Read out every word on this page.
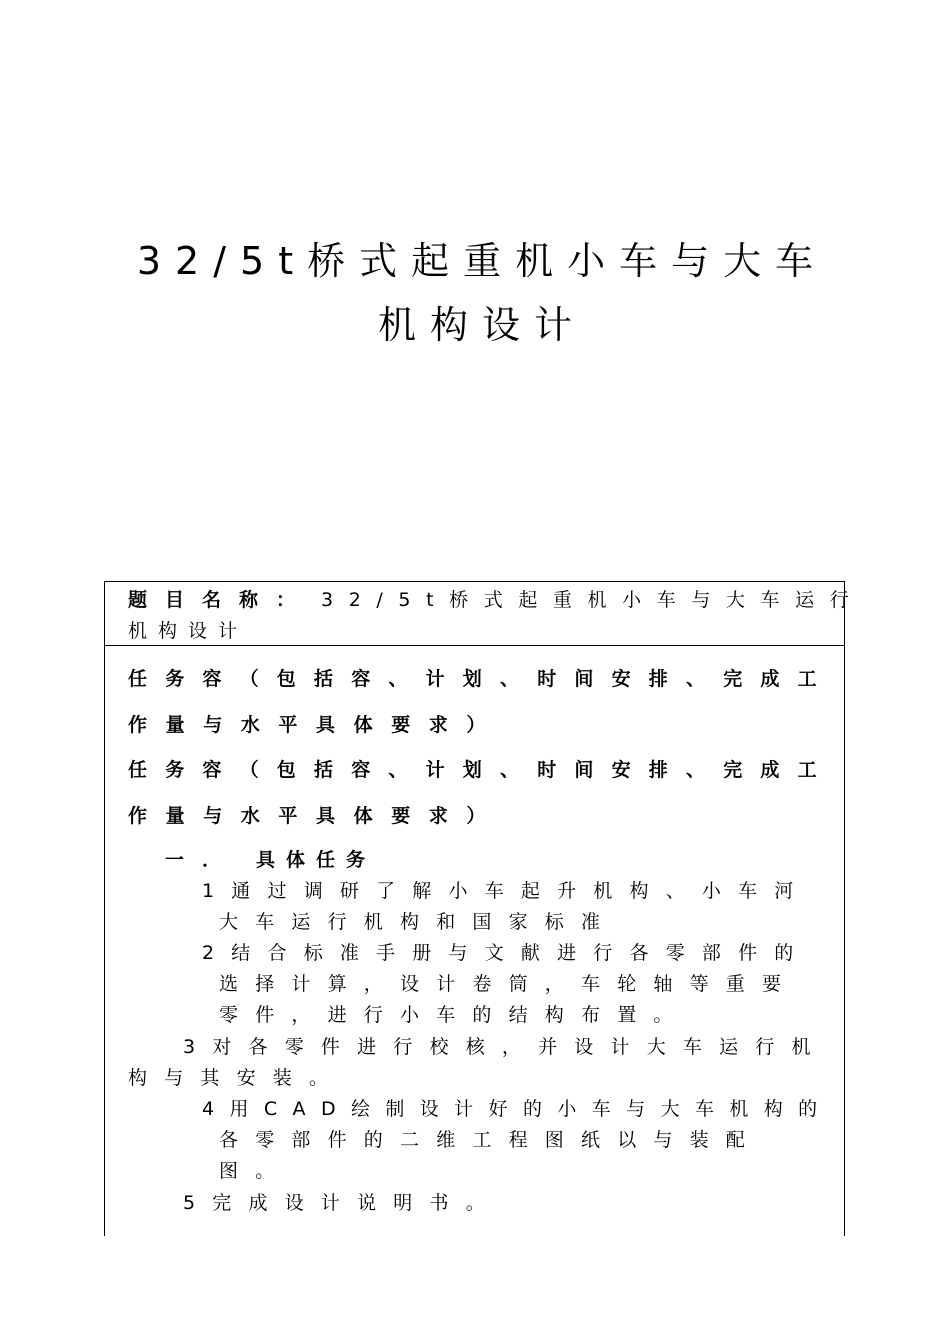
32/5t桥式起重机小车与大车
机构设计
题目名称： 32/5t桥式起重机小车与大车运行
机构设计
任务容（包括容、计划、时间安排、完成工
作量与水平具体要求）
任务容（包括容、计划、时间安排、完成工
作量与水平具体要求）
一． 具体任务
1通过调研了解小车起升机构、小车河
大车运行机构和国家标准
2结合标准手册与文献进行各零部件的
选择计算，设计卷筒，车轮轴等重要
零件，进行小车的结构布置。
3对各零件进行校核，并设计大车运行机
构与其安装。
4用CAD绘制设计好的小车与大车机构的
各零部件的二维工程图纸以与装配
图。
5完成设计说明书。
